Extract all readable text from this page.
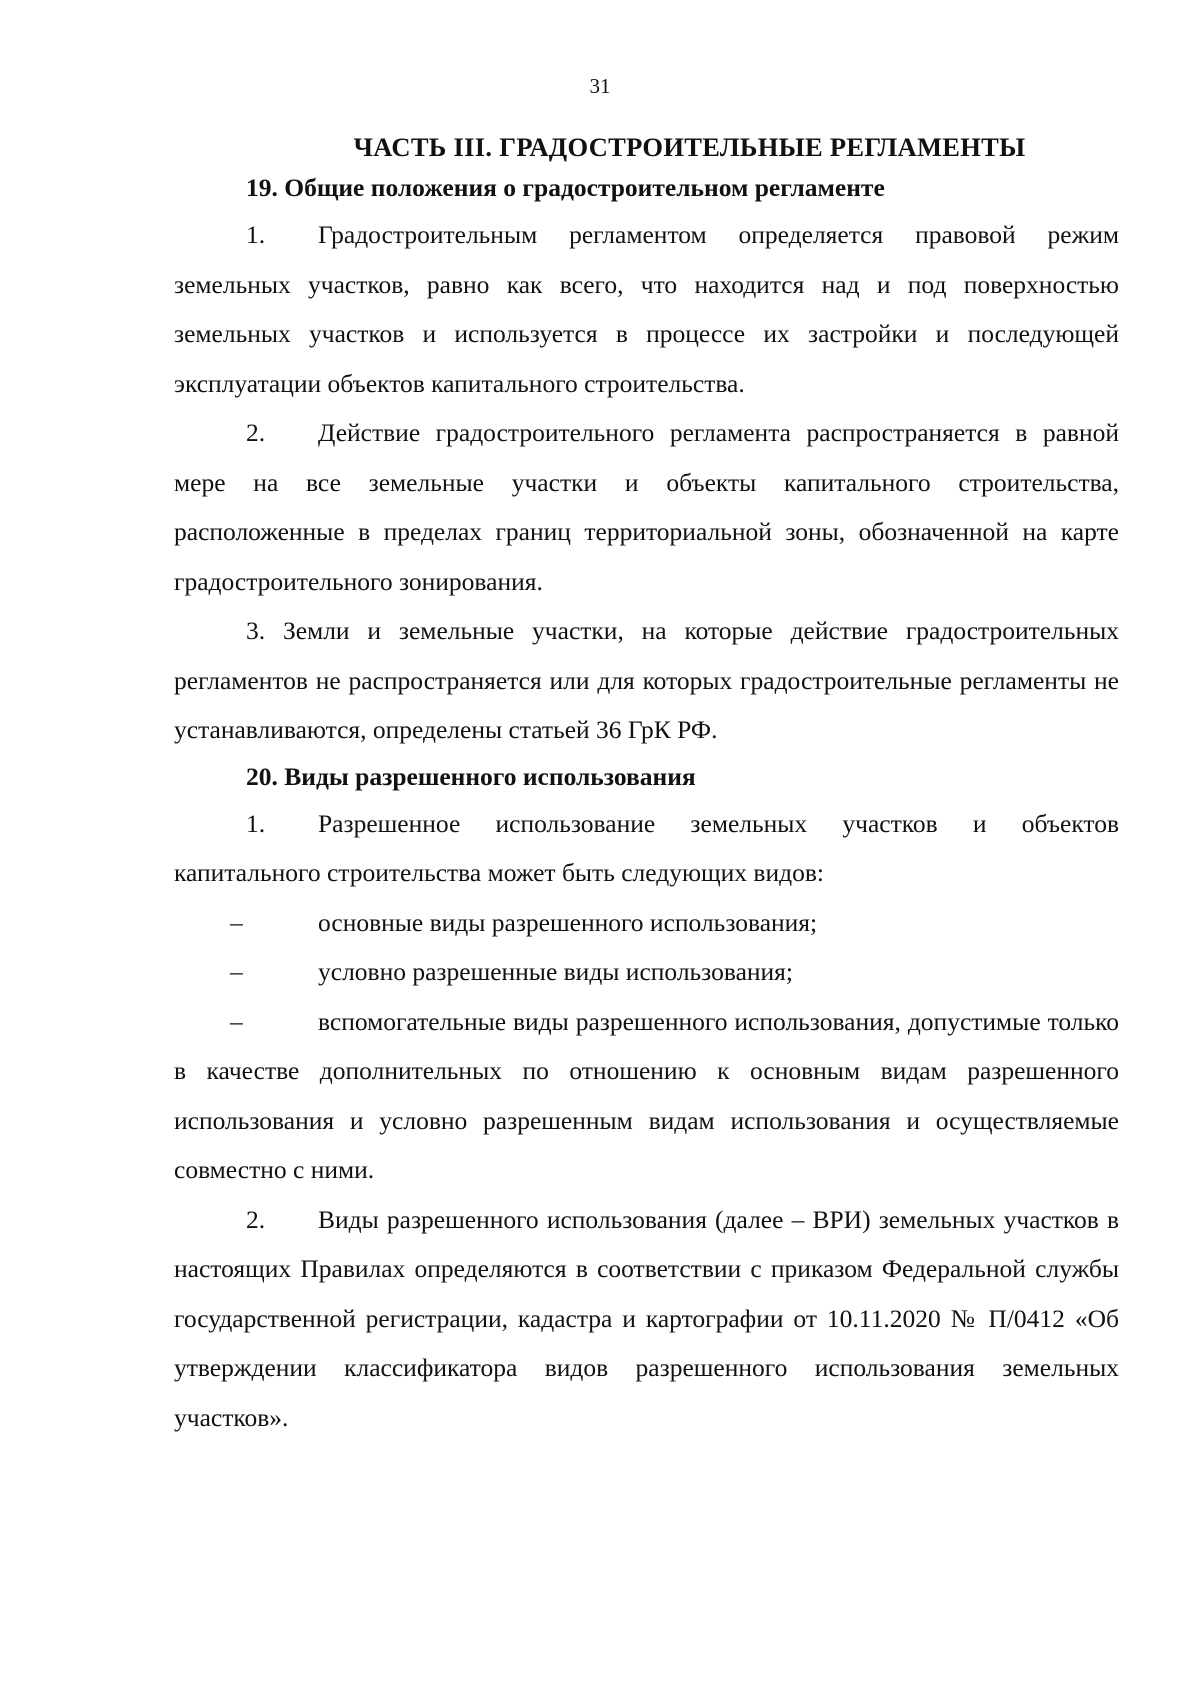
31
ЧАСТЬ III. ГРАДОСТРОИТЕЛЬНЫЕ РЕГЛАМЕНТЫ
19. Общие положения о градостроительном регламенте

1. Градостроительным регламентом определяется правовой режим земельных участков, равно как всего, что находится над и под поверхностью земельных участков и используется в процессе их застройки и последующей эксплуатации объектов капитального строительства.

2. Действие градостроительного регламента распространяется в равной мере на все земельные участки и объекты капитального строительства, расположенные в пределах границ территориальной зоны, обозначенной на карте градостроительного зонирования.

3. Земли и земельные участки, на которые действие градостроительных регламентов не распространяется или для которых градостроительные регламенты не устанавливаются, определены статьей 36 ГрК РФ.

20. Виды разрешенного использования

1. Разрешенное использование земельных участков и объектов капитального строительства может быть следующих видов:

–	основные виды разрешенного использования;

–	условно разрешенные виды использования;

–	вспомогательные виды разрешенного использования, допустимые только в качестве дополнительных по отношению к основным видам разрешенного использования и условно разрешенным видам использования и осуществляемые совместно с ними.

2. Виды разрешенного использования (далее – ВРИ) земельных участков в настоящих Правилах определяются в соответствии с приказом Федеральной службы государственной регистрации, кадастра и картографии от 10.11.2020 № П/0412 «Об утверждении классификатора видов разрешенного использования земельных участков».
